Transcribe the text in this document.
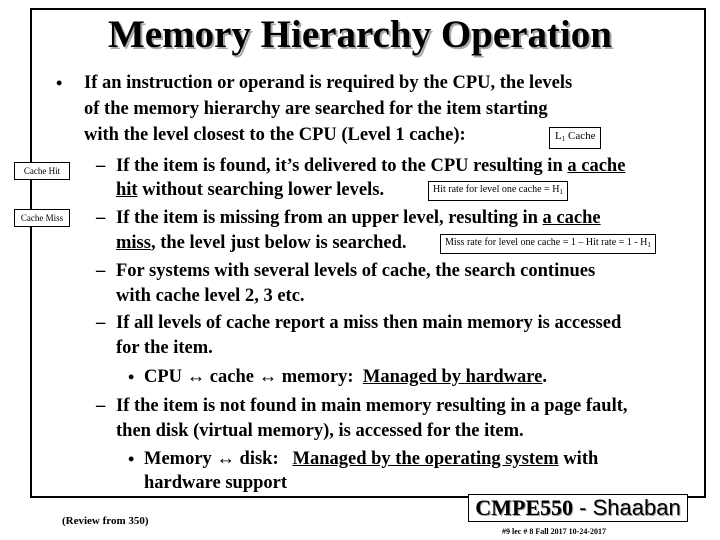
Memory Hierarchy Operation
• If an instruction or operand is required by the CPU, the levels
of the memory hierarchy are searched for the item starting
with the level closest to the CPU (Level 1 cache):	$L_1$ Cache
Cache Hit
Cache Miss
– If the item is found, it’s delivered to the CPU resulting in a cache
hit without searching lower levels.	Hit rate for level one cache = $H_1$
– If the item is missing from an upper level, resulting in a cache
miss, the level just below is searched.	Miss rate for level one cache = 1 – Hit rate = $1 - H_1$
– For systems with several levels of cache, the search continues
with cache level 2, 3 etc.
– If all levels of cache report a miss then main memory is accessed
for the item.
• CPU ↔ cache ↔ memory: Managed by hardware.
– If the item is not found in main memory resulting in a page fault,
then disk (virtual memory), is accessed for the item.
• Memory ↔ disk: Managed by the operating system with
hardware support
(Review from 350)
CMPE550 - Shaaban
#9 lec # 8 Fall 2017 10-24-2017
